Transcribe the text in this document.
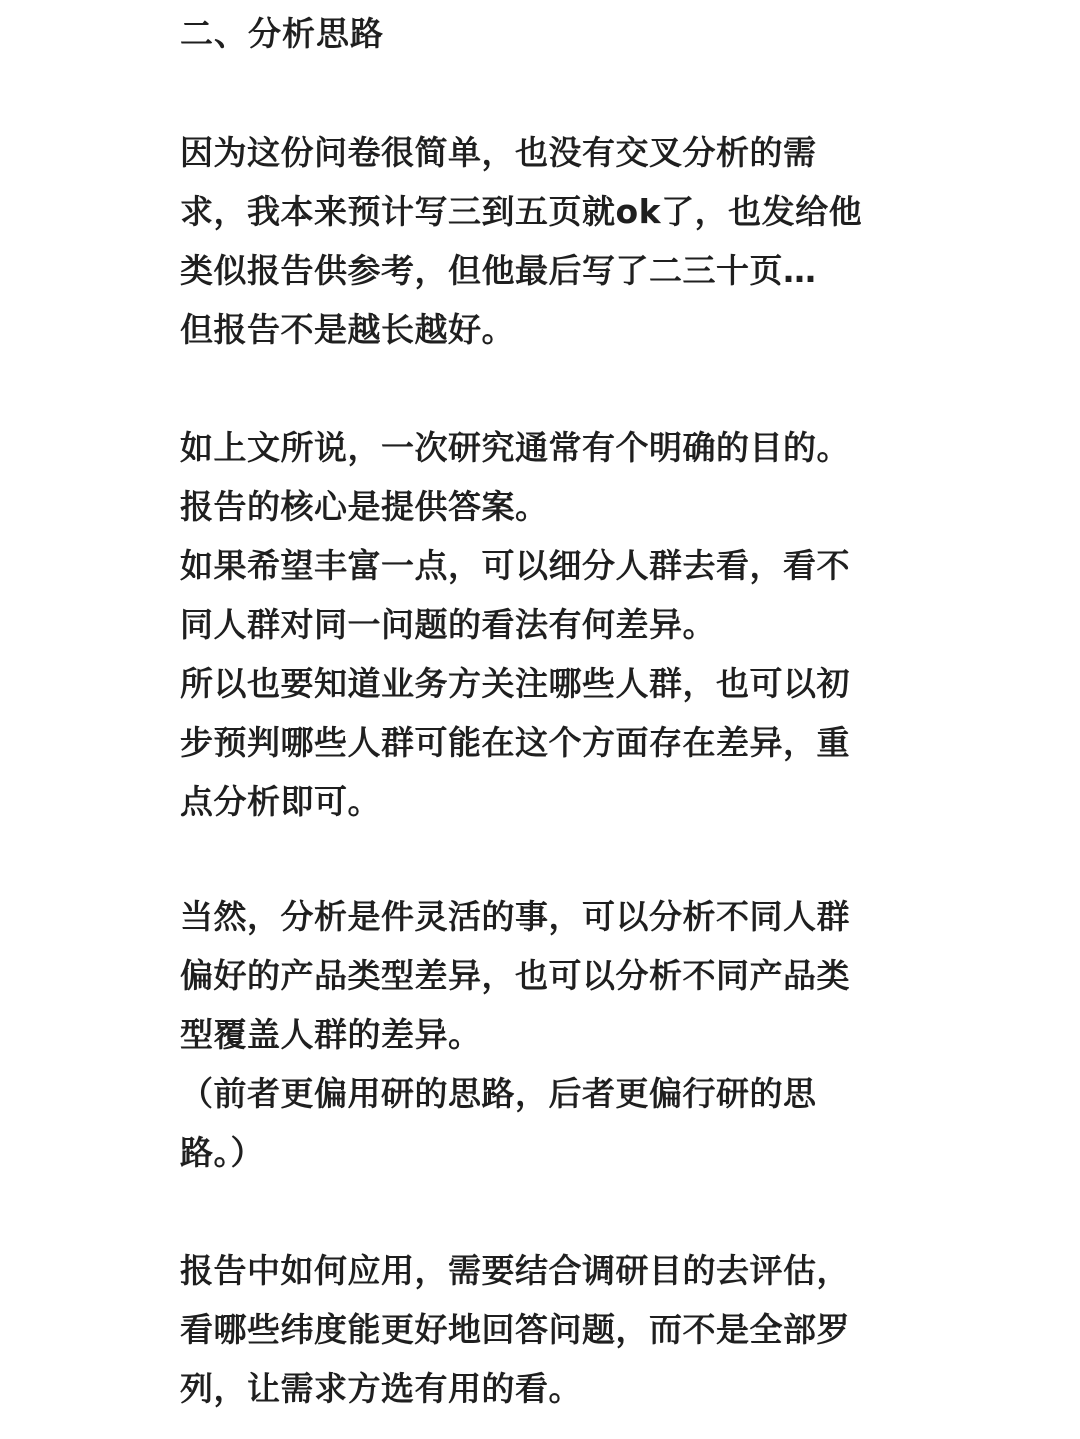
二、分析思路
因为这份问卷很简单，也没有交叉分析的需
求，我本来预计写三到五页就ok了，也发给他
类似报告供参考，但他最后写了二三十页…
但报告不是越长越好。
如上文所说，一次研究通常有个明确的目的。
报告的核心是提供答案。
如果希望丰富一点，可以细分人群去看，看不
同人群对同一问题的看法有何差异。
所以也要知道业务方关注哪些人群，也可以初
步预判哪些人群可能在这个方面存在差异，重
点分析即可。
当然，分析是件灵活的事，可以分析不同人群
偏好的产品类型差异，也可以分析不同产品类
型覆盖人群的差异。
（前者更偏用研的思路，后者更偏行研的思
路。）
报告中如何应用，需要结合调研目的去评估，
看哪些纬度能更好地回答问题，而不是全部罗
列，让需求方选有用的看。
